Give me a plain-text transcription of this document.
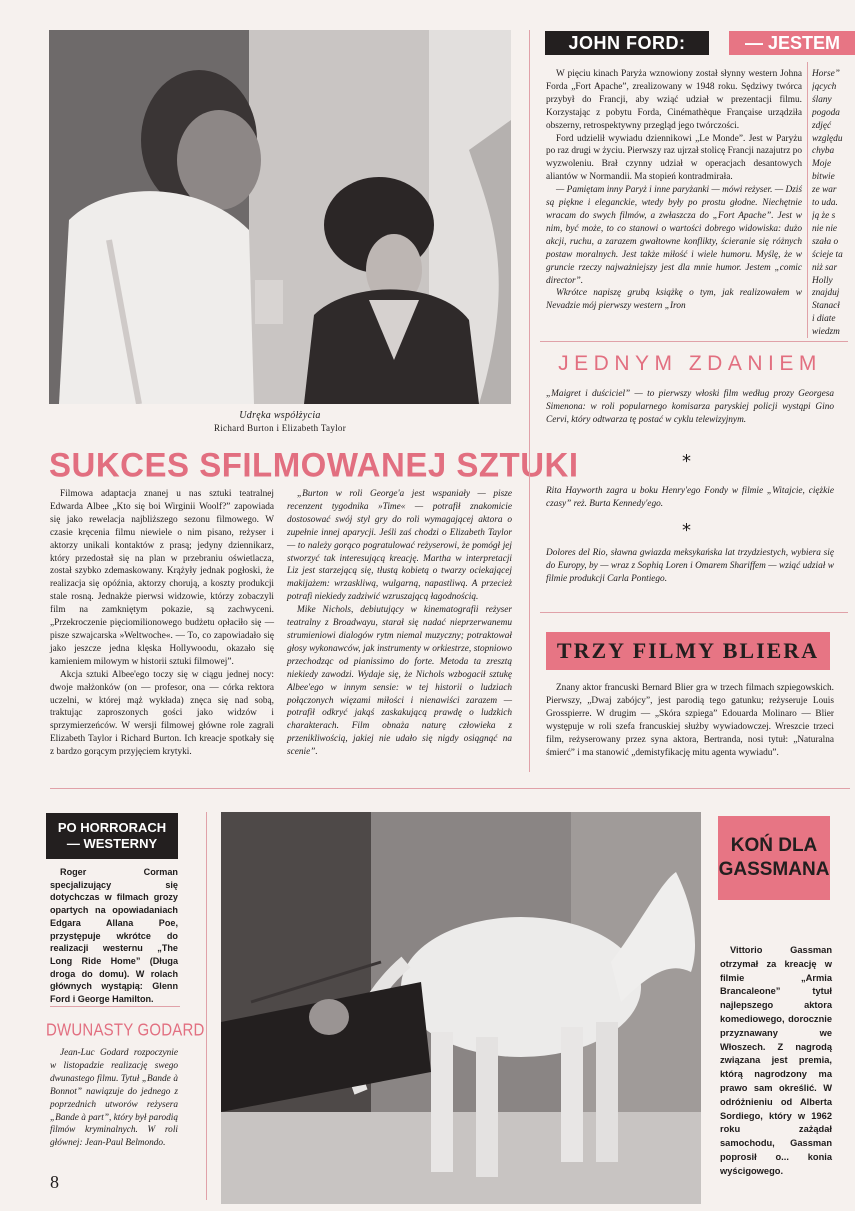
Udręka współżycia
Richard Burton i Elizabeth Taylor
SUKCES SFILMOWANEJ SZTUKI

Filmowa adaptacja znanej u nas sztuki teatralnej Edwarda Albee „Kto się boi Wirginii Woolf?” zapowiada się jako rewelacja najbliższego sezonu filmowego. W czasie kręcenia filmu niewiele o nim pisano, reżyser i aktorzy unikali kontaktów z prasą; jedyny dziennikarz, który przedostał się na plan w przebraniu oświetlacza, został szybko zdemaskowany. Krążyły jednak pogłoski, że realizacja się opóźnia, aktorzy chorują, a koszty produkcji stale rosną. Jednakże pierwsi widzowie, którzy zobaczyli film na zamkniętym pokazie, są zachwyceni. „Przekroczenie pięciomilionowego budżetu opłaciło się — pisze szwajcarska »Weltwoche«. — To, co zapowiadało się jako jeszcze jedna klęska Hollywoodu, okazało się kamieniem milowym w historii sztuki filmowej”.

Akcja sztuki Albee'ego toczy się w ciągu jednej nocy: dwoje małżonków (on — profesor, ona — córka rektora uczelni, w której mąż wykłada) znęca się nad sobą, traktując zaproszonych gości jako widzów i sprzymierzeńców. W wersji filmowej główne role zagrali Elizabeth Taylor i Richard Burton. Ich kreacje spotkały się z bardzo gorącym przyjęciem krytyki.

„Burton w roli George'a jest wspaniały — pisze recenzent tygodnika »Time« — potrafił znakomicie dostosować swój styl gry do roli wymagającej aktora o zupełnie innej aparycji. Jeśli zaś chodzi o Elizabeth Taylor — to należy gorąco pogratulować reżyserowi, że pomógł jej stworzyć tak interesującą kreację. Martha w interpretacji Liz jest starzejącą się, tłustą kobietą o twarzy ociekającej makijażem: wrzaskliwą, wulgarną, napastliwą. A przecież potrafi niekiedy zadziwić wzruszającą łagodnością.

Mike Nichols, debiutujący w kinematografii reżyser teatralny z Broadwayu, starał się nadać nieprzerwanemu strumieniowi dialogów rytm niemal muzyczny; potraktował głosy wykonawców, jak instrumenty w orkiestrze, stopniowo przechodząc od pianissimo do forte. Metoda ta zresztą niekiedy zawodzi. Wydaje się, że Nichols wzbogacił sztukę Albee'ego w innym sensie: w tej historii o ludziach połączonych więzami miłości i nienawiści zarazem — potrafił odkryć jakąś zaskakującą prawdę o ludzkich charakterach. Film obnaża naturę człowieka z przenikliwością, jakiej nie udało się nigdy osiągnąć na scenie”.

JOHN FORD:	— JESTEM

W pięciu kinach Paryża wznowiony został słynny western Johna Forda „Fort Apache”, zrealizowany w 1948 roku. Sędziwy twórca przybył do Francji, aby wziąć udział w prezentacji filmu. Korzystając z pobytu Forda, Cinémathèque Française urządziła obszerny, retrospektywny przegląd jego twórczości.

Ford udzielił wywiadu dziennikowi „Le Monde”. Jest w Paryżu po raz drugi w życiu. Pierwszy raz ujrzał stolicę Francji nazajutrz po wyzwoleniu. Brał czynny udział w operacjach desantowych aliantów w Normandii. Ma stopień kontradmirała.

— Pamiętam inny Paryż i inne paryżanki — mówi reżyser. — Dziś są piękne i eleganckie, wtedy były po prostu głodne. Niechętnie wracam do swych filmów, a zwłaszcza do „Fort Apache”. Jest w nim, być może, to co stanowi o wartości dobrego widowiska: dużo akcji, ruchu, a zarazem gwałtowne konflikty, ścieranie się różnych postaw moralnych. Jest także miłość i wiele humoru. Myślę, że w gruncie rzeczy najważniejszy jest dla mnie humor. Jestem „comic director”.

Wkrótce napiszę grubą książkę o tym, jak realizowałem w Nevadzie mój pierwszy western „Iron

Horse”
jących
ślany
pogoda
zdjęć
względu
chyba
Moje
bitwie
ze war
to uda.
ją że s
nie nie
szała o
ścieje ta
niż sar
Holly
znajduj
Stanacł
i diate
wiedzm
JEDNYM ZDANIEM
„Maigret i duściciel” — to pierwszy włoski film według prozy Georgesa Simenona: w roli popularnego komisarza paryskiej policji wystąpi Gino Cervi, który odtwarza tę postać w cyklu telewizyjnym.
*
Rita Hayworth zagra u boku Henry'ego Fondy w filmie „Witajcie, ciężkie czasy” reż. Burta Kennedy'ego.
*
Dolores del Rio, sławna gwiazda meksykańska lat trzydziestych, wybiera się do Europy, by — wraz z Sophią Loren i Omarem Shariffem — wziąć udział w filmie produkcji Carla Pontiego.
TRZY FILMY BLIERA
Znany aktor francuski Bernard Blier gra w trzech filmach szpiegowskich. Pierwszy, „Dwaj zabójcy”, jest parodią tego gatunku; reżyseruje Louis Grosspierre. W drugim — „Skóra szpiega” Edouarda Molinaro — Blier występuje w roli szefa francuskiej służby wywiadowczej. Wreszcie trzeci film, reżyserowany przez syna aktora, Bertranda, nosi tytuł: „Naturalna śmierć” i ma stanowić „demistyfikację mitu agenta wywiadu”.
PO HORRORACH
— WESTERNY
Roger Corman specjalizujący się dotychczas w filmach grozy opartych na opowiadaniach Edgara Allana Poe, przystępuje wkrótce do realizacji westernu „The Long Ride Home” (Długa droga do domu). W rolach głównych wystąpią: Glenn Ford i George Hamilton.
DWUNASTY GODARD
Jean-Luc Godard rozpoczynie w listopadzie realizację swego dwunastego filmu. Tytuł „Bande à Bonnot” nawiązuje do jednego z poprzednich utworów reżysera „Bande à part”, który był parodią filmów kryminalnych. W roli głównej: Jean-Paul Belmondo.
8
KOŃ DLA
GASSMANA
Vittorio Gassman otrzymał za kreację w filmie „Armia Brancaleone” tytuł najlepszego aktora komediowego, dorocznie przyznawany we Włoszech. Z nagrodą związana jest premia, którą nagrodzony ma prawo sam określić. W odróżnieniu od Alberta Sordiego, który w 1962 roku zażądał samochodu, Gassman poprosił o... konia wyścigowego.
